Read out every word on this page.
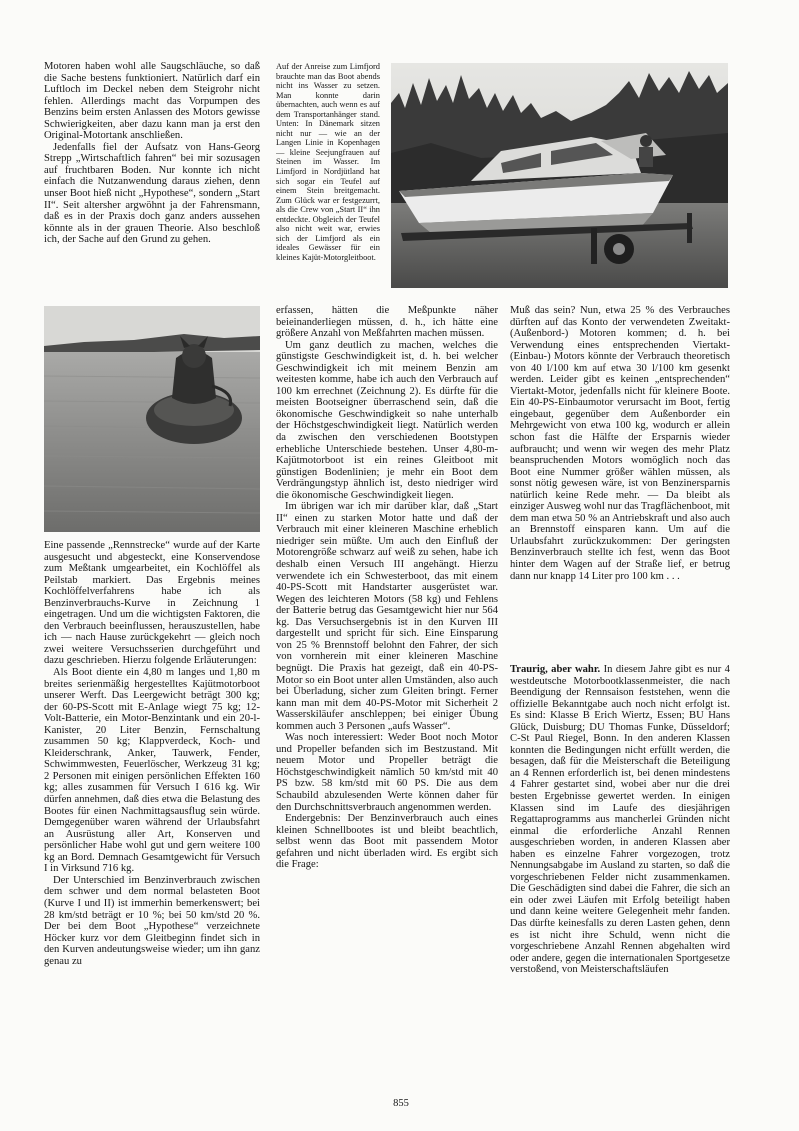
Motoren haben wohl alle Saugschläuche, so daß die Sache bestens funktioniert. Natürlich darf ein Luftloch im Deckel neben dem Steigrohr nicht fehlen. Allerdings macht das Vorpumpen des Benzins beim ersten Anlassen des Motors gewisse Schwierigkeiten, aber dazu kann man ja erst den Original-Motortank anschließen.

Jedenfalls fiel der Aufsatz von Hans-Georg Strepp „Wirtschaftlich fahren“ bei mir sozusagen auf fruchtbaren Boden. Nur konnte ich nicht einfach die Nutzanwendung daraus ziehen, denn unser Boot hieß nicht „Hypothese“, sondern „Start II“. Seit altersher argwöhnt ja der Fahrensmann, daß es in der Praxis doch ganz anders aussehen könnte als in der grauen Theorie. Also beschloß ich, der Sache auf den Grund zu gehen.

Auf der Anreise zum Limfjord brauchte man das Boot abends nicht ins Wasser zu setzen. Man konnte darin übernachten, auch wenn es auf dem Transportanhänger stand. Unten: In Dänemark sitzen nicht nur — wie an der Langen Linie in Kopenhagen — kleine Seejungfrauen auf Steinen im Wasser. Im Limfjord in Nordjütland hat sich sogar ein Teufel auf einem Stein breitgemacht. Zum Glück war er festgezurrt, als die Crew von „Start II“ ihn entdeckte. Obgleich der Teufel also nicht weit war, erwies sich der Limfjord als ein ideales Gewässer für ein kleines Kajüt-Motorgleitboot.

Eine passende „Rennstrecke“ wurde auf der Karte ausgesucht und abgesteckt, eine Konservendose zum Meßtank umgearbeitet, ein Kochlöffel als Peilstab markiert. Das Ergebnis meines Kochlöffelverfahrens habe ich als Benzinverbrauchs-Kurve in Zeichnung 1 eingetragen. Und um die wichtigsten Faktoren, die den Verbrauch beeinflussen, herauszustellen, habe ich — nach Hause zurückgekehrt — gleich noch zwei weitere Versuchsserien durchgeführt und dazu geschrieben. Hierzu folgende Erläuterungen:

Als Boot diente ein 4,80 m langes und 1,80 m breites serienmäßig hergestelltes Kajütmotorboot unserer Werft. Das Leergewicht beträgt 300 kg; der 60-PS-Scott mit E-Anlage wiegt 75 kg; 12-Volt-Batterie, ein Motor-Benzintank und ein 20-l-Kanister, 20 Liter Benzin, Fernschaltung zusammen 50 kg; Klappverdeck, Koch- und Kleiderschrank, Anker, Tauwerk, Fender, Schwimmwesten, Feuerlöscher, Werkzeug 31 kg; 2 Personen mit einigen persönlichen Effekten 160 kg; alles zusammen für Versuch I 616 kg. Wir dürfen annehmen, daß dies etwa die Belastung des Bootes für einen Nachmittagsausflug sein würde. Demgegenüber waren während der Urlaubsfahrt an Ausrüstung aller Art, Konserven und persönlicher Habe wohl gut und gern weitere 100 kg an Bord. Demnach Gesamtgewicht für Versuch I in Virksund 716 kg.

Der Unterschied im Benzinverbrauch zwischen dem schwer und dem normal belasteten Boot (Kurve I und II) ist immerhin bemerkenswert; bei 28 km/std beträgt er 10 %; bei 50 km/std 20 %. Der bei dem Boot „Hypothese“ verzeichnete Höcker kurz vor dem Gleitbeginn findet sich in den Kurven andeutungsweise wieder; um ihn ganz genau zu

erfassen, hätten die Meßpunkte näher beieinanderliegen müssen, d. h., ich hätte eine größere Anzahl von Meßfahrten machen müssen.

Um ganz deutlich zu machen, welches die günstigste Geschwindigkeit ist, d. h. bei welcher Geschwindigkeit ich mit meinem Benzin am weitesten komme, habe ich auch den Verbrauch auf 100 km errechnet (Zeichnung 2). Es dürfte für die meisten Bootseigner überraschend sein, daß die ökonomische Geschwindigkeit so nahe unterhalb der Höchstgeschwindigkeit liegt. Natürlich werden da zwischen den verschiedenen Bootstypen erhebliche Unterschiede bestehen. Unser 4,80-m-Kajütmotorboot ist ein reines Gleitboot mit günstigen Bodenlinien; je mehr ein Boot dem Verdrängungstyp ähnlich ist, desto niedriger wird die ökonomische Geschwindigkeit liegen.

Im übrigen war ich mir darüber klar, daß „Start II“ einen zu starken Motor hatte und daß der Verbrauch mit einer kleineren Maschine erheblich niedriger sein müßte. Um auch den Einfluß der Motorengröße schwarz auf weiß zu sehen, habe ich deshalb einen Versuch III angehängt. Hierzu verwendete ich ein Schwesterboot, das mit einem 40-PS-Scott mit Handstarter ausgerüstet war. Wegen des leichteren Motors (58 kg) und Fehlens der Batterie betrug das Gesamtgewicht hier nur 564 kg. Das Versuchsergebnis ist in den Kurven III dargestellt und spricht für sich. Eine Einsparung von 25 % Brennstoff belohnt den Fahrer, der sich von vornherein mit einer kleineren Maschine begnügt. Die Praxis hat gezeigt, daß ein 40-PS-Motor so ein Boot unter allen Umständen, also auch bei Überladung, sicher zum Gleiten bringt. Ferner kann man mit dem 40-PS-Motor mit Sicherheit 2 Wasserskiläufer anschleppen; bei einiger Übung kommen auch 3 Personen „aufs Wasser“.

Was noch interessiert: Weder Boot noch Motor und Propeller befanden sich im Bestzustand. Mit neuem Motor und Propeller beträgt die Höchstgeschwindigkeit nämlich 50 km/std mit 40 PS bzw. 58 km/std mit 60 PS. Die aus dem Schaubild abzulesenden Werte können daher für den Durchschnittsverbrauch angenommen werden.

Endergebnis: Der Benzinverbrauch auch eines kleinen Schnellbootes ist und bleibt beachtlich, selbst wenn das Boot mit passendem Motor gefahren und nicht überladen wird. Es ergibt sich die Frage:

Muß das sein? Nun, etwa 25 % des Verbrauches dürften auf das Konto der verwendeten Zweitakt-(Außenbord-) Motoren kommen; d. h. bei Verwendung eines entsprechenden Viertakt-(Einbau-) Motors könnte der Verbrauch theoretisch von 40 l/100 km auf etwa 30 l/100 km gesenkt werden. Leider gibt es keinen „entsprechenden“ Viertakt-Motor, jedenfalls nicht für kleinere Boote. Ein 40-PS-Einbaumotor verursacht im Boot, fertig eingebaut, gegenüber dem Außenborder ein Mehrgewicht von etwa 100 kg, wodurch er allein schon fast die Hälfte der Ersparnis wieder aufbraucht; und wenn wir wegen des mehr Platz beanspruchenden Motors womöglich noch das Boot eine Nummer größer wählen müssen, als sonst nötig gewesen wäre, ist von Benzinersparnis natürlich keine Rede mehr. — Da bleibt als einziger Ausweg wohl nur das Tragflächenboot, mit dem man etwa 50 % an Antriebskraft und also auch an Brennstoff einsparen kann. Um auf die Urlaubsfahrt zurückzukommen: Der geringsten Benzinverbrauch stellte ich fest, wenn das Boot hinter dem Wagen auf der Straße lief, er betrug dann nur knapp 14 Liter pro 100 km . . .

Traurig, aber wahr. In diesem Jahre gibt es nur 4 westdeutsche Motorbootklassenmeister, die nach Beendigung der Rennsaison feststehen, wenn die offizielle Bekanntgabe auch noch nicht erfolgt ist. Es sind: Klasse B Erich Wiertz, Essen; BU Hans Glück, Duisburg; DU Thomas Funke, Düsseldorf; C-St Paul Riegel, Bonn. In den anderen Klassen konnten die Bedingungen nicht erfüllt werden, die besagen, daß für die Meisterschaft die Beteiligung an 4 Rennen erforderlich ist, bei denen mindestens 4 Fahrer gestartet sind, wobei aber nur die drei besten Ergebnisse gewertet werden. In einigen Klassen sind im Laufe des diesjährigen Regattaprogramms aus mancherlei Gründen nicht einmal die erforderliche Anzahl Rennen ausgeschrieben worden, in anderen Klassen aber haben es einzelne Fahrer vorgezogen, trotz Nennungsabgabe im Ausland zu starten, so daß die vorgeschriebenen Felder nicht zusammenkamen. Die Geschädigten sind dabei die Fahrer, die sich an ein oder zwei Läufen mit Erfolg beteiligt haben und dann keine weitere Gelegenheit mehr fanden. Das dürfte keinesfalls zu deren Lasten gehen, denn es ist nicht ihre Schuld, wenn nicht die vorgeschriebene Anzahl Rennen abgehalten wird oder andere, gegen die internationalen Sportgesetze verstoßend, von Meisterschaftsläufen

855
